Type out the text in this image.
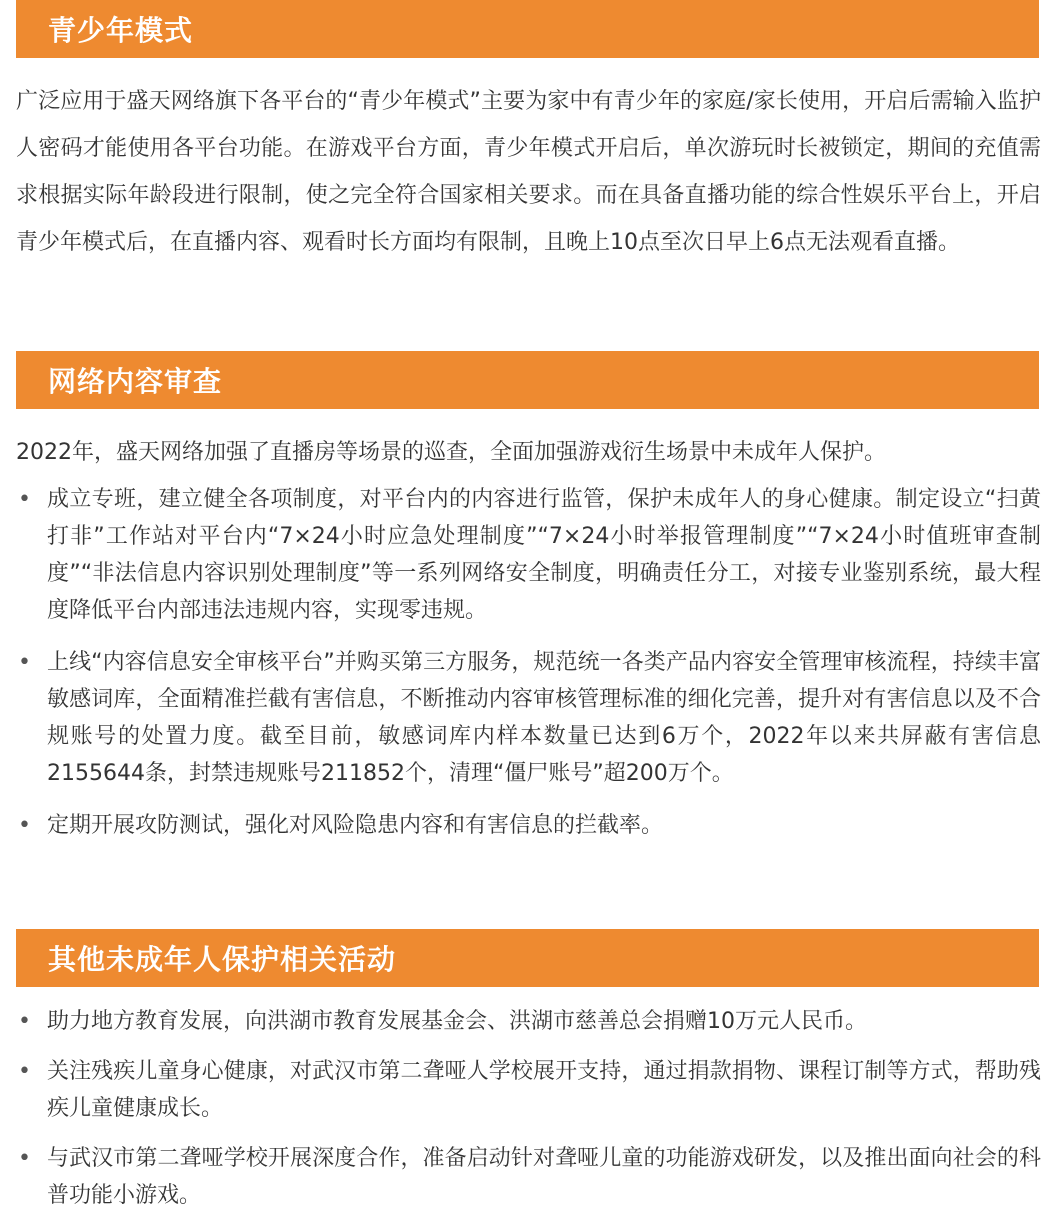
青少年模式

广泛应用于盛天网络旗下各平台的“青少年模式”主要为家中有青少年的家庭/家长使用，开启后需输入监护人密码才能使用各平台功能。在游戏平台方面，青少年模式开启后，单次游玩时长被锁定，期间的充值需求根据实际年龄段进行限制，使之完全符合国家相关要求。而在具备直播功能的综合性娱乐平台上，开启青少年模式后，在直播内容、观看时长方面均有限制，且晚上10点至次日早上6点无法观看直播。

网络内容审查

2022年，盛天网络加强了直播房等场景的巡查，全面加强游戏衍生场景中未成年人保护。

• 成立专班，建立健全各项制度，对平台内的内容进行监管，保护未成年人的身心健康。制定设立“扫黄打非”工作站对平台内“7×24小时应急处理制度”“7×24小时举报管理制度”“7×24小时值班审查制度”“非法信息内容识别处理制度”等一系列网络安全制度，明确责任分工，对接专业鉴别系统，最大程度降低平台内部违法违规内容，实现零违规。
• 上线“内容信息安全审核平台”并购买第三方服务，规范统一各类产品内容安全管理审核流程，持续丰富敏感词库，全面精准拦截有害信息，不断推动内容审核管理标准的细化完善，提升对有害信息以及不合规账号的处置力度。截至目前，敏感词库内样本数量已达到6万个，2022年以来共屏蔽有害信息2155644条，封禁违规账号211852个，清理“僵尸账号”超200万个。
• 定期开展攻防测试，强化对风险隐患内容和有害信息的拦截率。
其他未成年人保护相关活动
• 助力地方教育发展，向洪湖市教育发展基金会、洪湖市慈善总会捐赠10万元人民币。
• 关注残疾儿童身心健康，对武汉市第二聋哑人学校展开支持，通过捐款捐物、课程订制等方式，帮助残疾儿童健康成长。
• 与武汉市第二聋哑学校开展深度合作，准备启动针对聋哑儿童的功能游戏研发，以及推出面向社会的科普功能小游戏。
